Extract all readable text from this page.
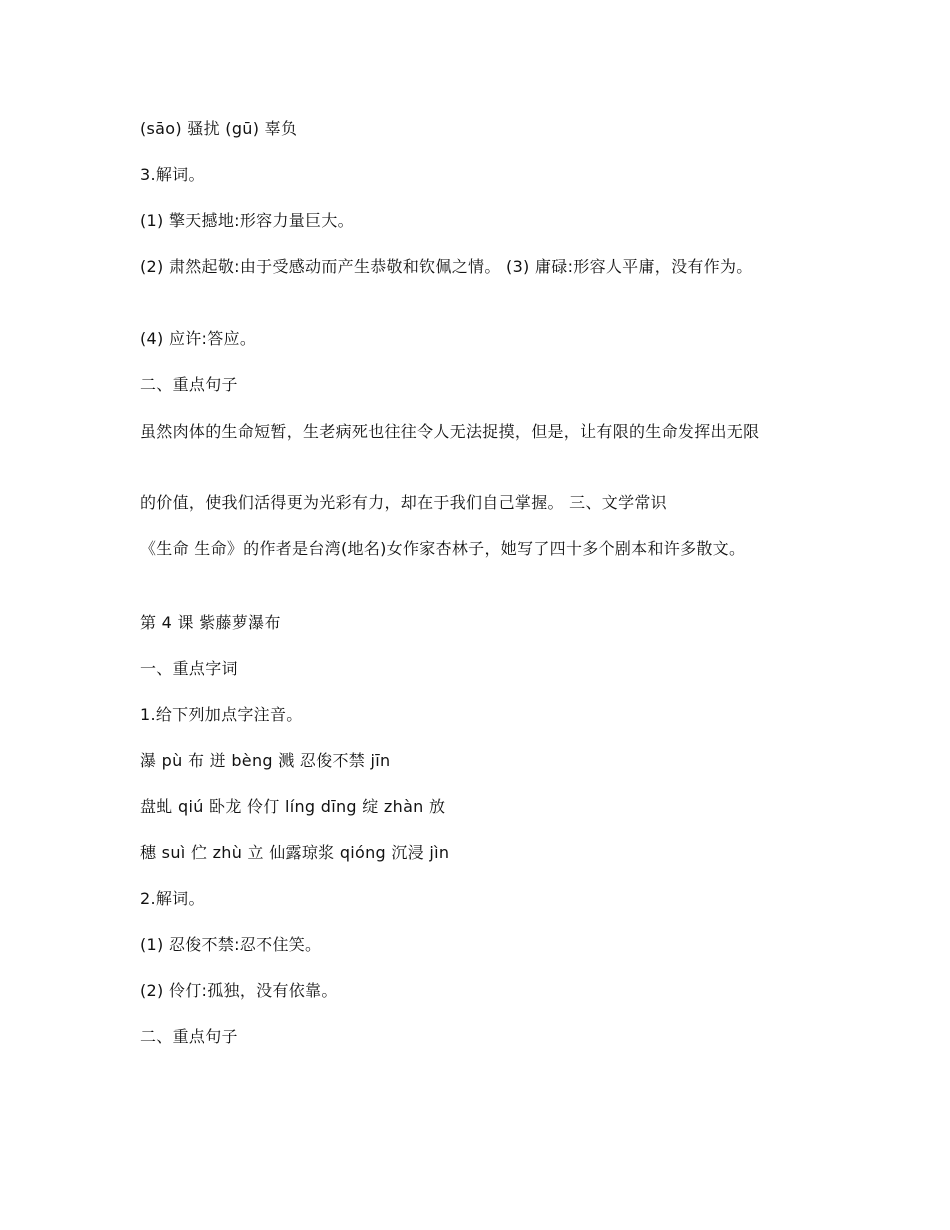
(sāo) 骚扰 (gū) 辜负
3.解词。
(1) 擎天撼地:形容力量巨大。
(2) 肃然起敬:由于受感动而产生恭敬和钦佩之情。 (3) 庸碌:形容人平庸，没有作为。
(4) 应许:答应。
二、重点句子
虽然肉体的生命短暂，生老病死也往往令人无法捉摸，但是，让有限的生命发挥出无限
的价值，使我们活得更为光彩有力，却在于我们自己掌握。 三、文学常识
《生命 生命》的作者是台湾(地名)女作家杏林子，她写了四十多个剧本和许多散文。
第 4 课 紫藤萝瀑布
一、重点字词
1.给下列加点字注音。
瀑 pù 布 迸 bèng 溅 忍俊不禁 jīn
盘虬 qiú 卧龙 伶仃 líng dīng 绽 zhàn 放
穗 suì 伫 zhù 立 仙露琼浆 qióng 沉浸 jìn
2.解词。
(1) 忍俊不禁:忍不住笑。
(2) 伶仃:孤独，没有依靠。
二、重点句子
